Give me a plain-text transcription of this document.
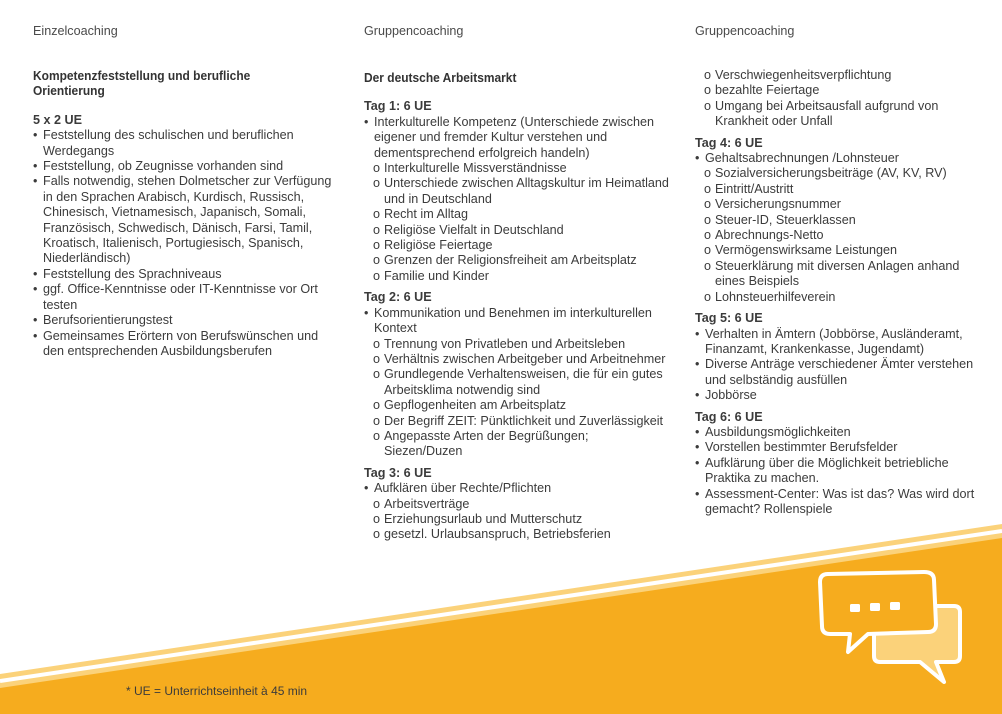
Einzelcoaching	Gruppencoaching	Gruppencoaching
Kompetenzfeststellung und berufliche Orientierung
5 x 2 UE
• Feststellung des schulischen und beruflichen Werdegangs
• Feststellung, ob Zeugnisse vorhanden sind
• Falls notwendig, stehen Dolmetscher zur Verfügung in den Sprachen Arabisch, Kurdisch, Russisch, Chinesisch, Vietnamesisch, Japanisch, Somali, Französisch, Schwedisch, Dänisch, Farsi, Tamil, Kroatisch, Italienisch, Portugiesisch, Spanisch, Niederländisch)
• Feststellung des Sprachniveaus
• ggf. Office-Kenntnisse oder IT-Kenntnisse vor Ort testen
• Berufsorientierungstest
• Gemeinsames Erörtern von Berufswünschen und den entsprechenden Ausbildungsberufen
Der deutsche Arbeitsmarkt
Tag 1: 6 UE
• Interkulturelle Kompetenz (Unterschiede zwischen eigener und fremder Kultur verstehen und dementsprechend erfolgreich handeln)
o Interkulturelle Missverständnisse
o Unterschiede zwischen Alltagskultur im Heimatland und in Deutschland
o Recht im Alltag
o Religiöse Vielfalt in Deutschland
o Religiöse Feiertage
o Grenzen der Religionsfreiheit am Arbeitsplatz
o Familie und Kinder
Tag 2: 6 UE
• Kommunikation und Benehmen im interkulturellen Kontext
o Trennung von Privatleben und Arbeitsleben
o Verhältnis zwischen Arbeitgeber und Arbeitnehmer
o Grundlegende Verhaltensweisen, die für ein gutes Arbeitsklima notwendig sind
o Gepflogenheiten am Arbeitsplatz
o Der Begriff ZEIT: Pünktlichkeit und Zuverlässigkeit
o Angepasste Arten der Begrüßungen; Siezen/Duzen
Tag 3: 6 UE
• Aufklären über Rechte/Pflichten
o Arbeitsverträge
o Erziehungsurlaub und Mutterschutz
o gesetzl. Urlaubsanspruch, Betriebsferien
o Verschwiegenheitsverpflichtung
o bezahlte Feiertage
o Umgang bei Arbeitsausfall aufgrund von Krankheit oder Unfall
Tag 4: 6 UE
• Gehaltsabrechnungen /Lohnsteuer
o Sozialversicherungsbeiträge (AV, KV, RV)
o Eintritt/Austritt
o Versicherungsnummer
o Steuer-ID, Steuerklassen
o Abrechnungs-Netto
o Vermögenswirksame Leistungen
o Steuerklärung mit diversen Anlagen anhand eines Beispiels
o Lohnsteuerhilfeverein
Tag 5: 6 UE
• Verhalten in Ämtern (Jobbörse, Ausländeramt, Finanzamt, Krankenkasse, Jugendamt)
• Diverse Anträge verschiedener Ämter verstehen und selbständig ausfüllen
• Jobbörse
Tag 6: 6 UE
• Ausbildungsmöglichkeiten
• Vorstellen bestimmter Berufsfelder
• Aufklärung über die Möglichkeit betriebliche Praktika zu machen.
• Assessment-Center: Was ist das? Was wird dort gemacht? Rollenspiele
* UE = Unterrichtseinheit à 45 min
